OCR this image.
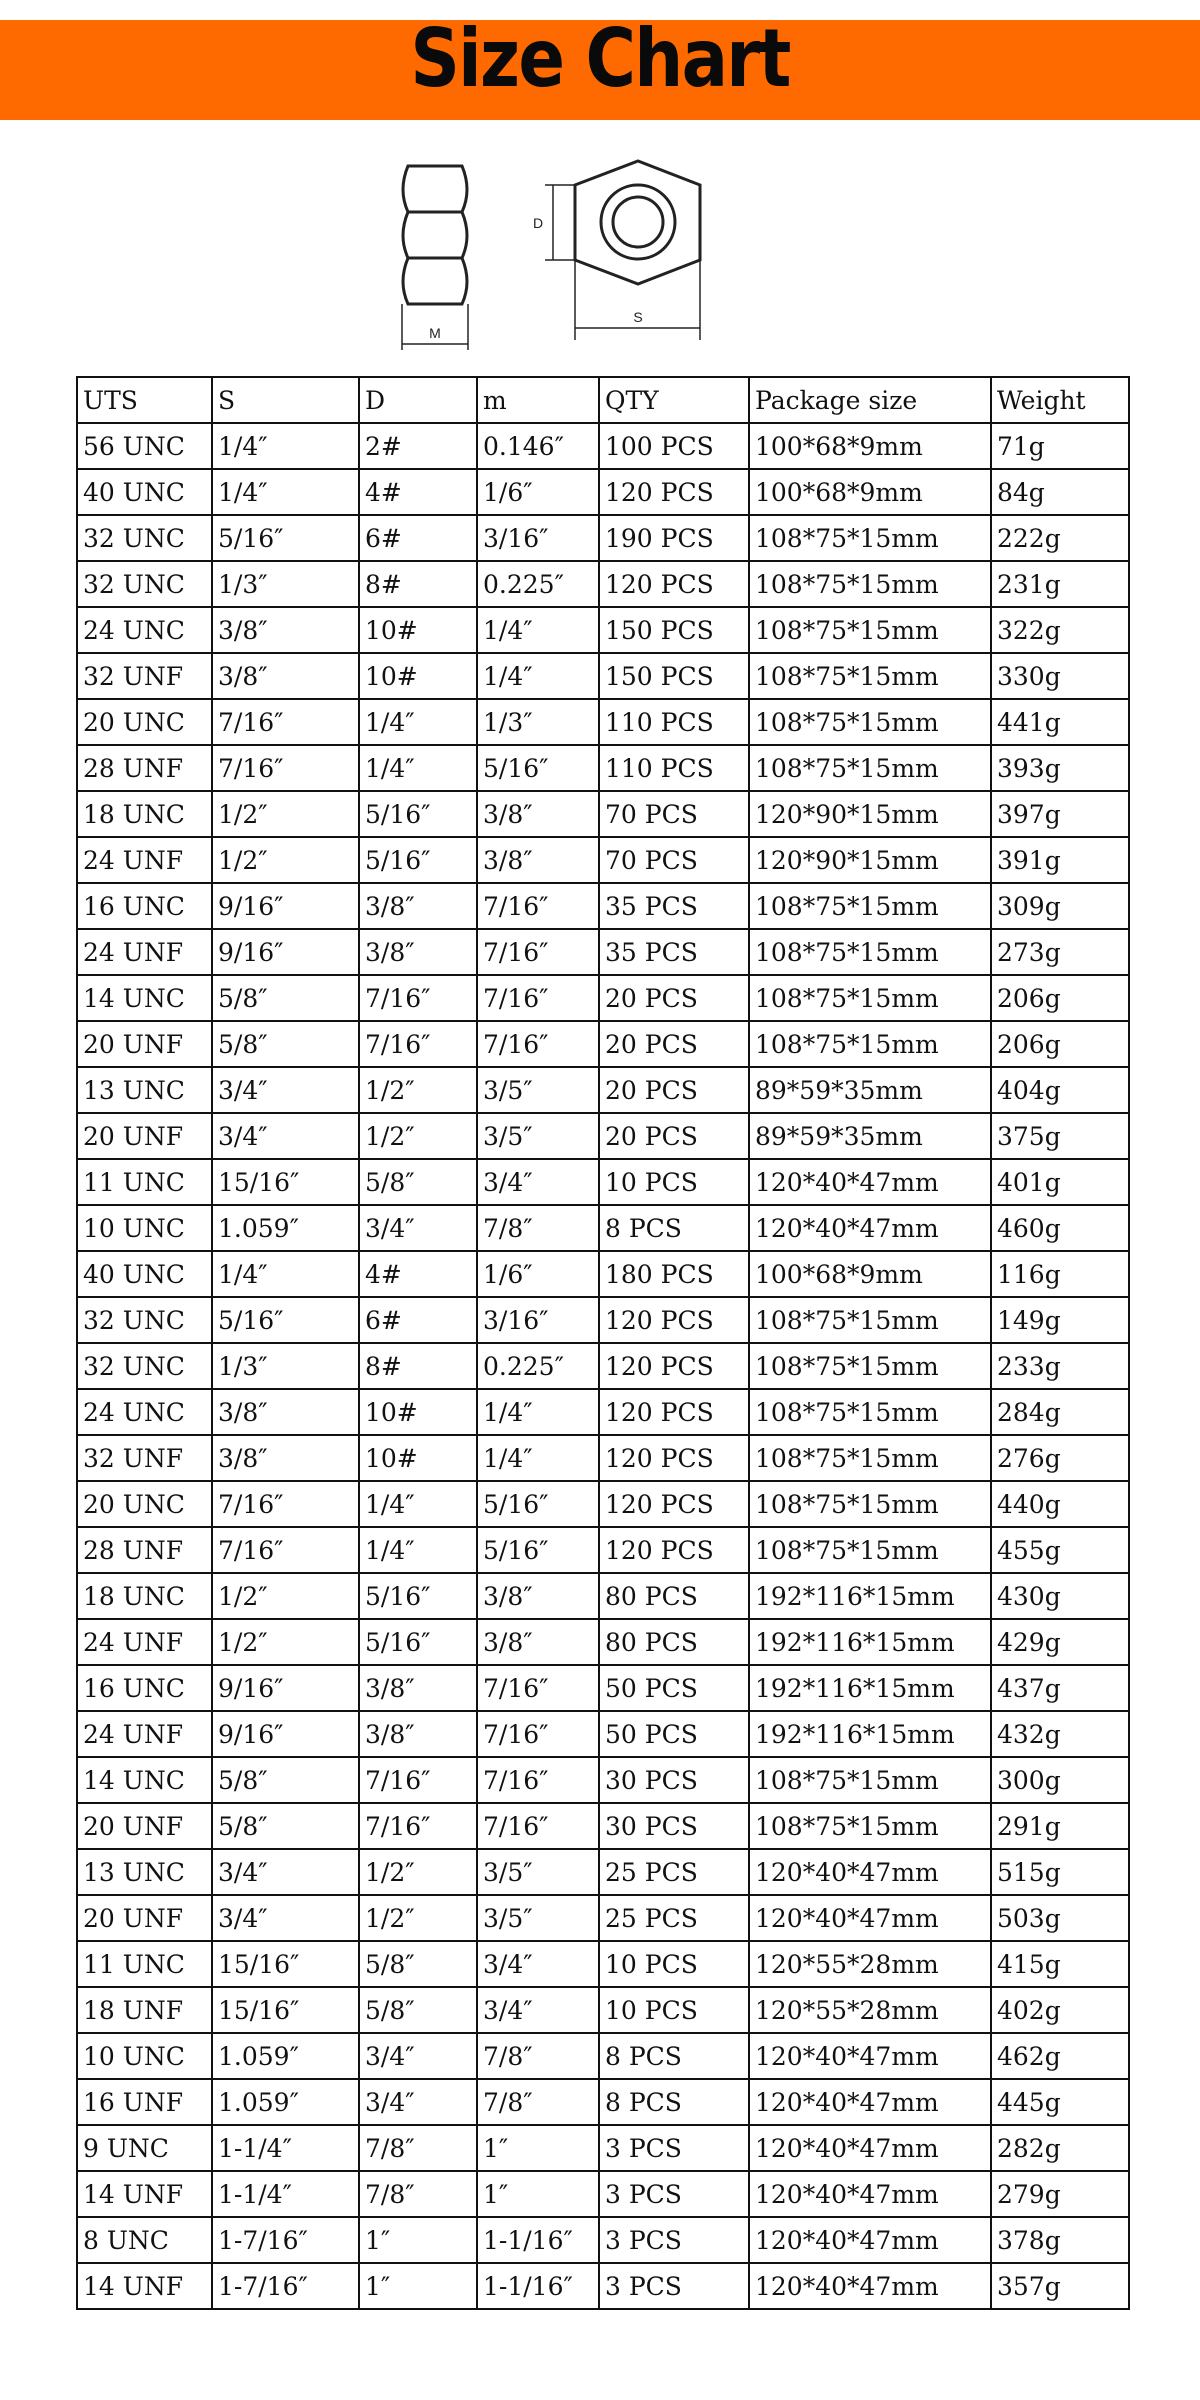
Size Chart
M
D
S
UTS	S	D	m	QTY	Package size	Weight
56 UNC	1/4″	2#	0.146″	100 PCS	100*68*9mm	71g
40 UNC	1/4″	4#	1/6″	120 PCS	100*68*9mm	84g
32 UNC	5/16″	6#	3/16″	190 PCS	108*75*15mm	222g
32 UNC	1/3″	8#	0.225″	120 PCS	108*75*15mm	231g
24 UNC	3/8″	10#	1/4″	150 PCS	108*75*15mm	322g
32 UNF	3/8″	10#	1/4″	150 PCS	108*75*15mm	330g
20 UNC	7/16″	1/4″	1/3″	110 PCS	108*75*15mm	441g
28 UNF	7/16″	1/4″	5/16″	110 PCS	108*75*15mm	393g
18 UNC	1/2″	5/16″	3/8″	70 PCS	120*90*15mm	397g
24 UNF	1/2″	5/16″	3/8″	70 PCS	120*90*15mm	391g
16 UNC	9/16″	3/8″	7/16″	35 PCS	108*75*15mm	309g
24 UNF	9/16″	3/8″	7/16″	35 PCS	108*75*15mm	273g
14 UNC	5/8″	7/16″	7/16″	20 PCS	108*75*15mm	206g
20 UNF	5/8″	7/16″	7/16″	20 PCS	108*75*15mm	206g
13 UNC	3/4″	1/2″	3/5″	20 PCS	89*59*35mm	404g
20 UNF	3/4″	1/2″	3/5″	20 PCS	89*59*35mm	375g
11 UNC	15/16″	5/8″	3/4″	10 PCS	120*40*47mm	401g
10 UNC	1.059″	3/4″	7/8″	8 PCS	120*40*47mm	460g
40 UNC	1/4″	4#	1/6″	180 PCS	100*68*9mm	116g
32 UNC	5/16″	6#	3/16″	120 PCS	108*75*15mm	149g
32 UNC	1/3″	8#	0.225″	120 PCS	108*75*15mm	233g
24 UNC	3/8″	10#	1/4″	120 PCS	108*75*15mm	284g
32 UNF	3/8″	10#	1/4″	120 PCS	108*75*15mm	276g
20 UNC	7/16″	1/4″	5/16″	120 PCS	108*75*15mm	440g
28 UNF	7/16″	1/4″	5/16″	120 PCS	108*75*15mm	455g
18 UNC	1/2″	5/16″	3/8″	80 PCS	192*116*15mm	430g
24 UNF	1/2″	5/16″	3/8″	80 PCS	192*116*15mm	429g
16 UNC	9/16″	3/8″	7/16″	50 PCS	192*116*15mm	437g
24 UNF	9/16″	3/8″	7/16″	50 PCS	192*116*15mm	432g
14 UNC	5/8″	7/16″	7/16″	30 PCS	108*75*15mm	300g
20 UNF	5/8″	7/16″	7/16″	30 PCS	108*75*15mm	291g
13 UNC	3/4″	1/2″	3/5″	25 PCS	120*40*47mm	515g
20 UNF	3/4″	1/2″	3/5″	25 PCS	120*40*47mm	503g
11 UNC	15/16″	5/8″	3/4″	10 PCS	120*55*28mm	415g
18 UNF	15/16″	5/8″	3/4″	10 PCS	120*55*28mm	402g
10 UNC	1.059″	3/4″	7/8″	8 PCS	120*40*47mm	462g
16 UNF	1.059″	3/4″	7/8″	8 PCS	120*40*47mm	445g
9 UNC	1-1/4″	7/8″	1″	3 PCS	120*40*47mm	282g
14 UNF	1-1/4″	7/8″	1″	3 PCS	120*40*47mm	279g
8 UNC	1-7/16″	1″	1-1/16″	3 PCS	120*40*47mm	378g
14 UNF	1-7/16″	1″	1-1/16″	3 PCS	120*40*47mm	357g
